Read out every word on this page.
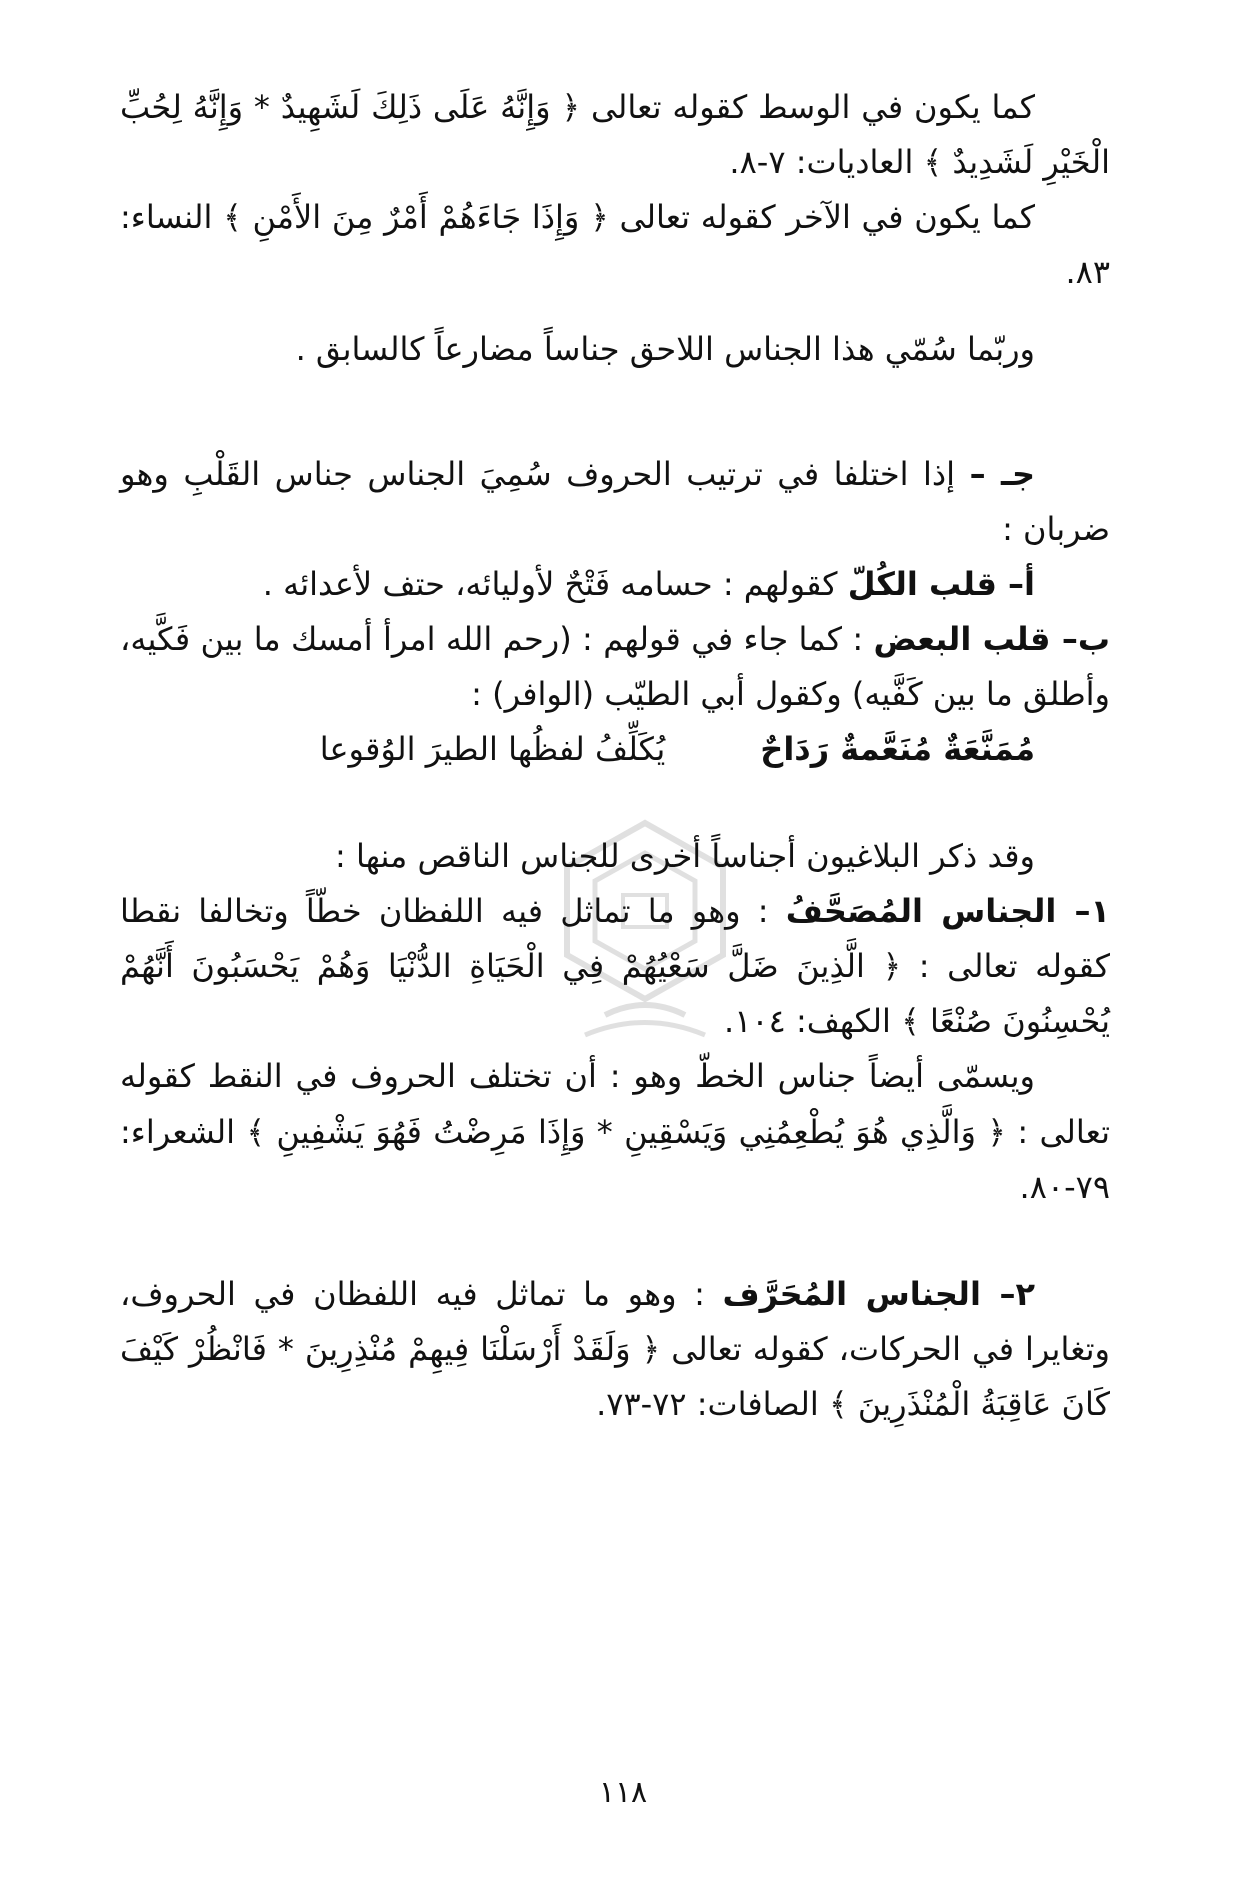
كما يكون في الوسط كقوله تعالى ﴿ وَإِنَّهُ عَلَى ذَلِكَ لَشَهِيدٌ * وَإِنَّهُ لِحُبِّ الْخَيْرِ لَشَدِيدٌ ﴾ العاديات: ٧-٨.

كما يكون في الآخر كقوله تعالى ﴿ وَإِذَا جَاءَهُمْ أَمْرٌ مِنَ الأَمْنِ ﴾ النساء: ٨٣.

وربّما سُمّي هذا الجناس اللاحق جناساً مضارعاً كالسابق .

جـ – إذا اختلفا في ترتيب الحروف سُمِيَ الجناس جناس القَلْبِ وهو ضربان :

أ– قلب الكُلّ كقولهم : حسامه فَتْحٌ لأوليائه، حتف لأعدائه .

ب– قلب البعض : كما جاء في قولهم : (رحم الله امرأ أمسك ما بين فَكَّيه، وأطلق ما بين كَفَّيه) وكقول أبي الطيّب (الوافر) :

مُمَنَّعَةٌ مُنَعَّمةٌ رَدَاحٌ
يُكَلِّفُ لفظُها الطيرَ الوُقوعا

وقد ذكر البلاغيون أجناساً أخرى للجناس الناقص منها :

١– الجناس المُصَحَّفُ : وهو ما تماثل فيه اللفظان خطّاً وتخالفا نقطا كقوله تعالى : ﴿ الَّذِينَ ضَلَّ سَعْيُهُمْ فِي الْحَيَاةِ الدُّنْيَا وَهُمْ يَحْسَبُونَ أَنَّهُمْ يُحْسِنُونَ صُنْعًا ﴾ الكهف: ١٠٤.

ويسمّى أيضاً جناس الخطّ وهو : أن تختلف الحروف في النقط كقوله تعالى : ﴿ وَالَّذِي هُوَ يُطْعِمُنِي وَيَسْقِينِ * وَإِذَا مَرِضْتُ فَهُوَ يَشْفِينِ ﴾ الشعراء: ٧٩-٨٠.

٢– الجناس المُحَرَّف : وهو ما تماثل فيه اللفظان في الحروف، وتغايرا في الحركات، كقوله تعالى ﴿ وَلَقَدْ أَرْسَلْنَا فِيهِمْ مُنْذِرِينَ * فَانْظُرْ كَيْفَ كَانَ عَاقِبَةُ الْمُنْذَرِينَ ﴾ الصافات: ٧٢-٧٣.

١١٨
